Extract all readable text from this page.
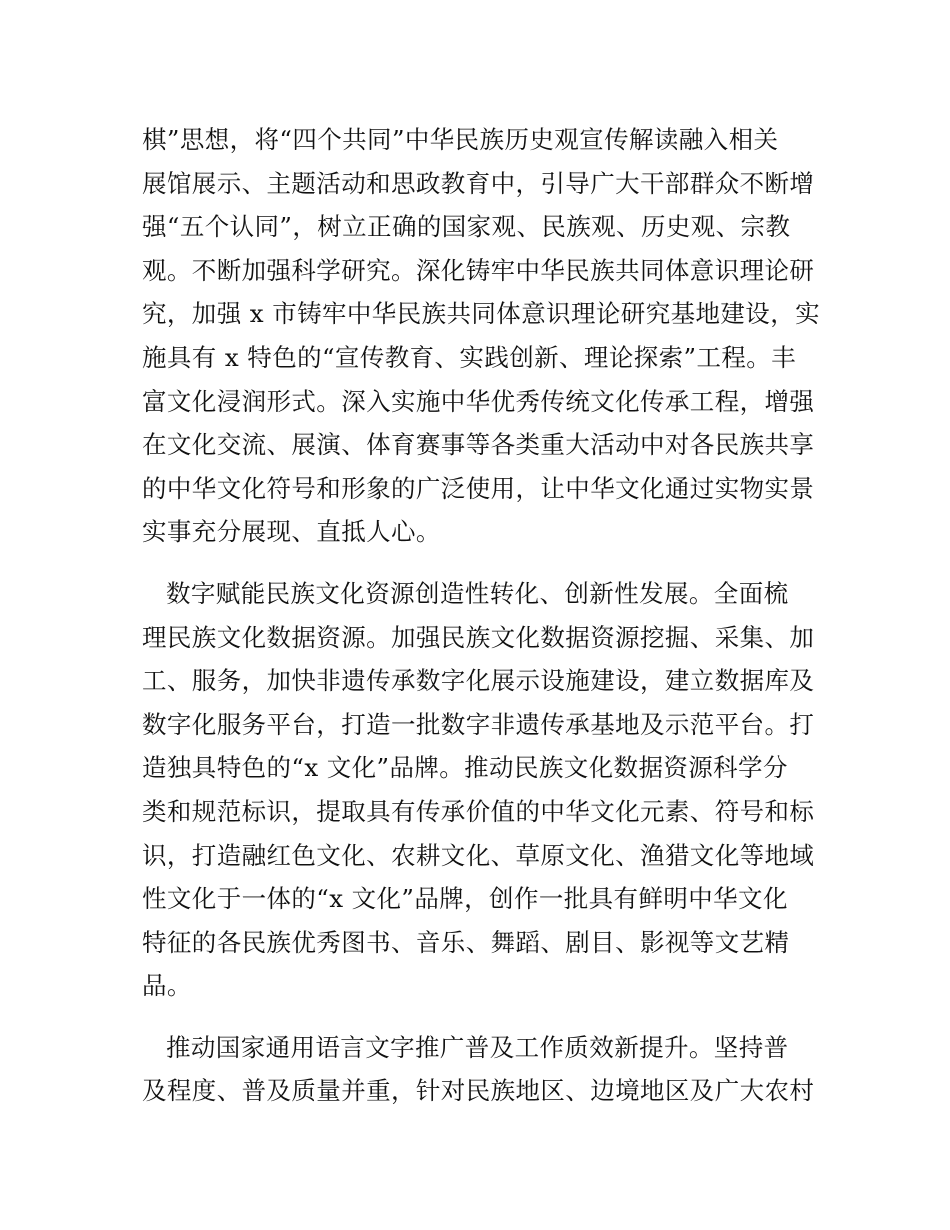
棋”思想，将“四个共同”中华民族历史观宣传解读融入相关
展馆展示、主题活动和思政教育中，引导广大干部群众不断增
强“五个认同”，树立正确的国家观、民族观、历史观、宗教
观。不断加强科学研究。深化铸牢中华民族共同体意识理论研
究，加强 x 市铸牢中华民族共同体意识理论研究基地建设，实
施具有 x 特色的“宣传教育、实践创新、理论探索”工程。丰
富文化浸润形式。深入实施中华优秀传统文化传承工程，增强
在文化交流、展演、体育赛事等各类重大活动中对各民族共享
的中华文化符号和形象的广泛使用，让中华文化通过实物实景
实事充分展现、直抵人心。
数字赋能民族文化资源创造性转化、创新性发展。全面梳
理民族文化数据资源。加强民族文化数据资源挖掘、采集、加
工、服务，加快非遗传承数字化展示设施建设，建立数据库及
数字化服务平台，打造一批数字非遗传承基地及示范平台。打
造独具特色的“x 文化”品牌。推动民族文化数据资源科学分
类和规范标识，提取具有传承价值的中华文化元素、符号和标
识，打造融红色文化、农耕文化、草原文化、渔猎文化等地域
性文化于一体的“x 文化”品牌，创作一批具有鲜明中华文化
特征的各民族优秀图书、音乐、舞蹈、剧目、影视等文艺精
品。
推动国家通用语言文字推广普及工作质效新提升。坚持普
及程度、普及质量并重，针对民族地区、边境地区及广大农村
